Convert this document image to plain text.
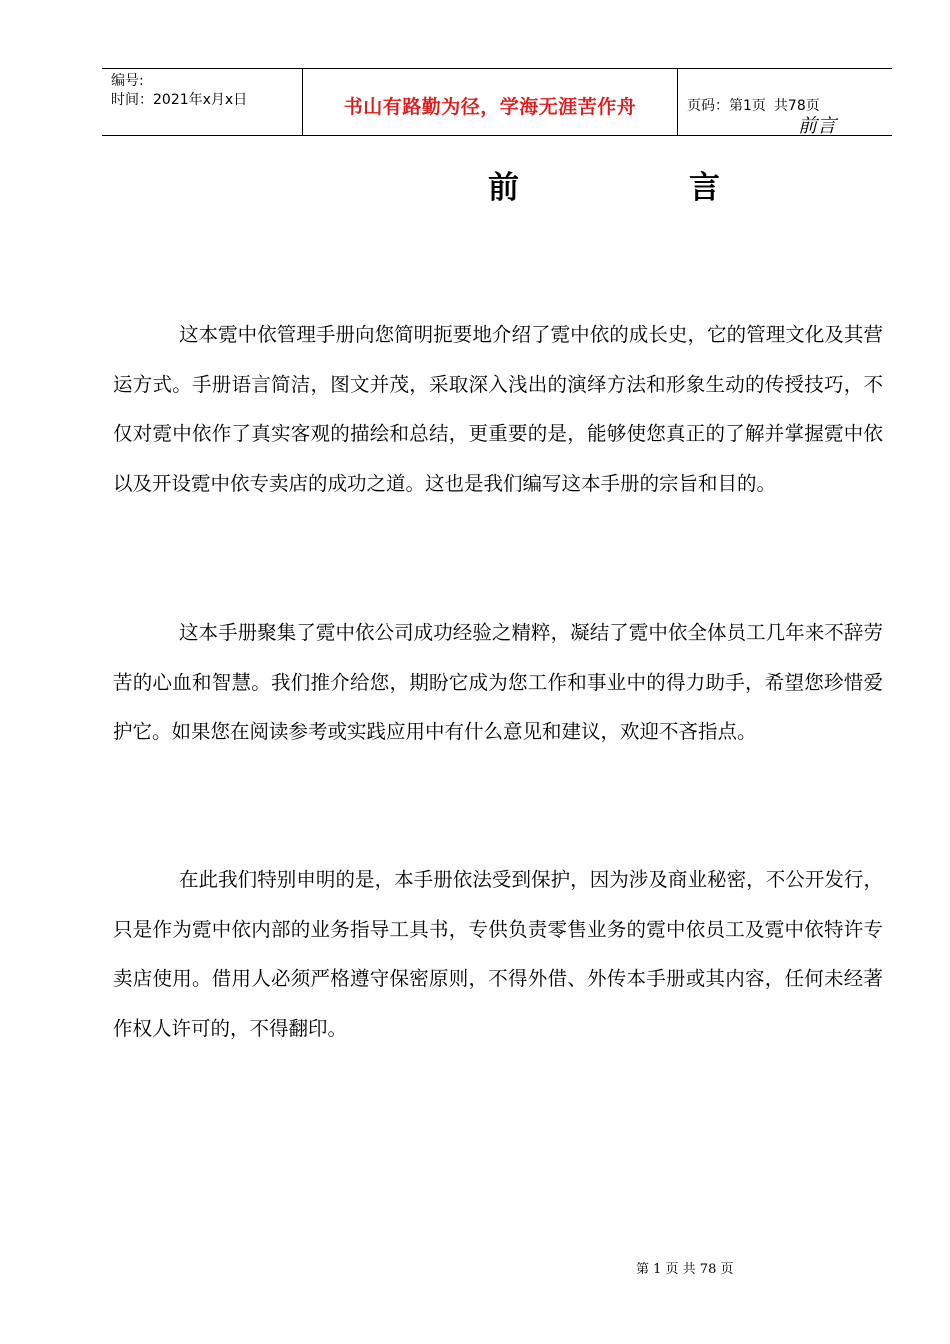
编号:
时间：2021年x月x日	书山有路勤为径，学海无涯苦作舟	页码：第1页 共78页
前言
前	言

这本霓中依管理手册向您简明扼要地介绍了霓中依的成长史，它的管理文化及其营运方式。手册语言简洁，图文并茂，采取深入浅出的演绎方法和形象生动的传授技巧，不仅对霓中依作了真实客观的描绘和总结，更重要的是，能够使您真正的了解并掌握霓中依以及开设霓中依专卖店的成功之道。这也是我们编写这本手册的宗旨和目的。

这本手册聚集了霓中依公司成功经验之精粹，凝结了霓中依全体员工几年来不辞劳苦的心血和智慧。我们推介给您，期盼它成为您工作和事业中的得力助手，希望您珍惜爱护它。如果您在阅读参考或实践应用中有什么意见和建议，欢迎不吝指点。

在此我们特别申明的是，本手册依法受到保护，因为涉及商业秘密，不公开发行，只是作为霓中依内部的业务指导工具书，专供负责零售业务的霓中依员工及霓中依特许专卖店使用。借用人必须严格遵守保密原则，不得外借、外传本手册或其内容，任何未经著作权人许可的，不得翻印。

第 1 页 共 78 页
